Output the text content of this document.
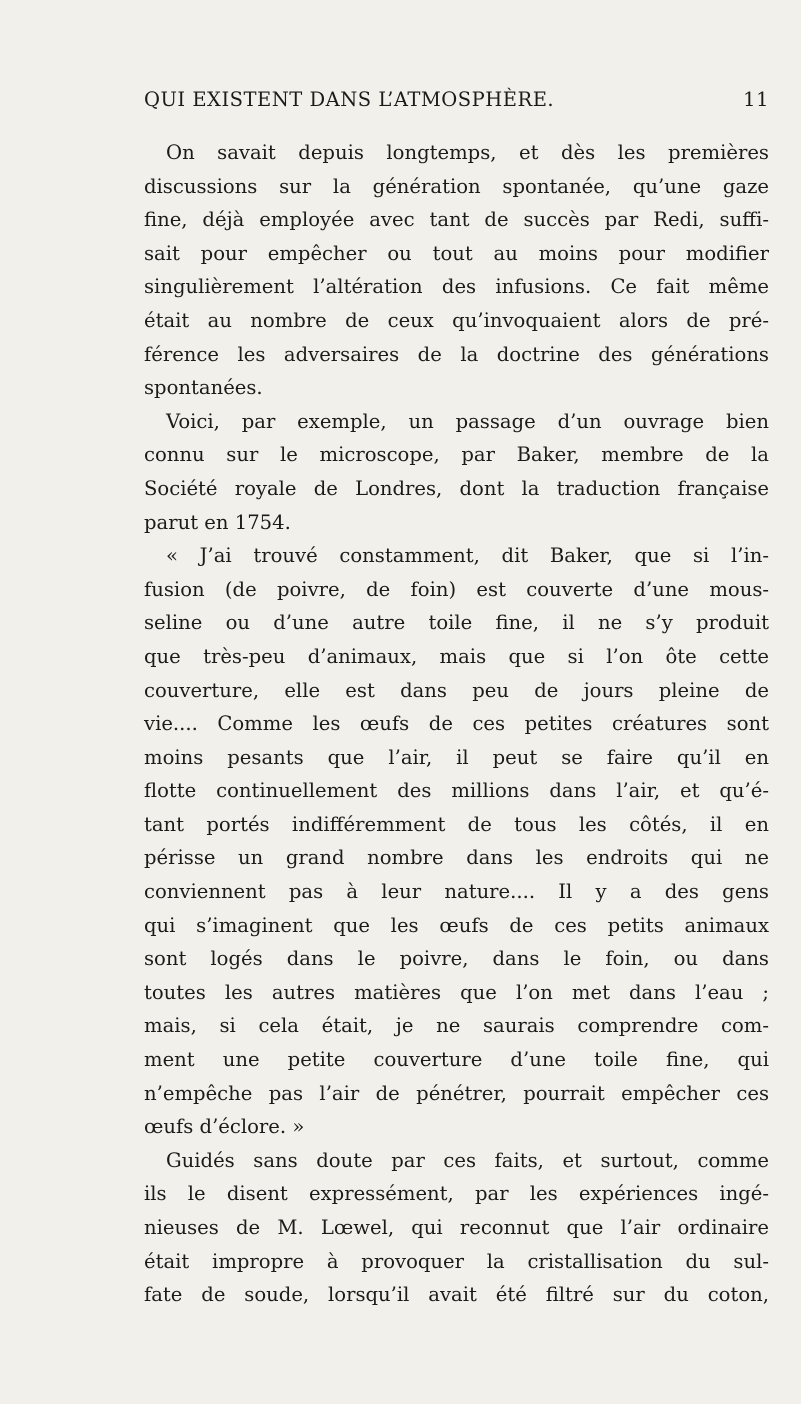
QUI EXISTENT DANS L’ATMOSPHÈRE.	11
On savait depuis longtemps, et dès les premières
discussions sur la génération spontanée, qu’une gaze
fine, déjà employée avec tant de succès par Redi, suffi-
sait pour empêcher ou tout au moins pour modifier
singulièrement l’altération des infusions. Ce fait même
était au nombre de ceux qu’invoquaient alors de pré-
férence les adversaires de la doctrine des générations
spontanées.
Voici, par exemple, un passage d’un ouvrage bien
connu sur le microscope, par Baker, membre de la
Société royale de Londres, dont la traduction française
parut en 1754.
« J’ai trouvé constamment, dit Baker, que si l’in-
fusion (de poivre, de foin) est couverte d’une mous-
seline ou d’une autre toile fine, il ne s’y produit
que très-peu d’animaux, mais que si l’on ôte cette
couverture, elle est dans peu de jours pleine de
vie.... Comme les œufs de ces petites créatures sont
moins pesants que l’air, il peut se faire qu’il en
flotte continuellement des millions dans l’air, et qu’é-
tant portés indifféremment de tous les côtés, il en
périsse un grand nombre dans les endroits qui ne
conviennent pas à leur nature.... Il y a des gens
qui s’imaginent que les œufs de ces petits animaux
sont logés dans le poivre, dans le foin, ou dans
toutes les autres matières que l’on met dans l’eau ;
mais, si cela était, je ne saurais comprendre com-
ment une petite couverture d’une toile fine, qui
n’empêche pas l’air de pénétrer, pourrait empêcher ces
œufs d’éclore. »
Guidés sans doute par ces faits, et surtout, comme
ils le disent expressément, par les expériences ingé-
nieuses de M. Lœwel, qui reconnut que l’air ordinaire
était impropre à provoquer la cristallisation du sul-
fate de soude, lorsqu’il avait été filtré sur du coton,
